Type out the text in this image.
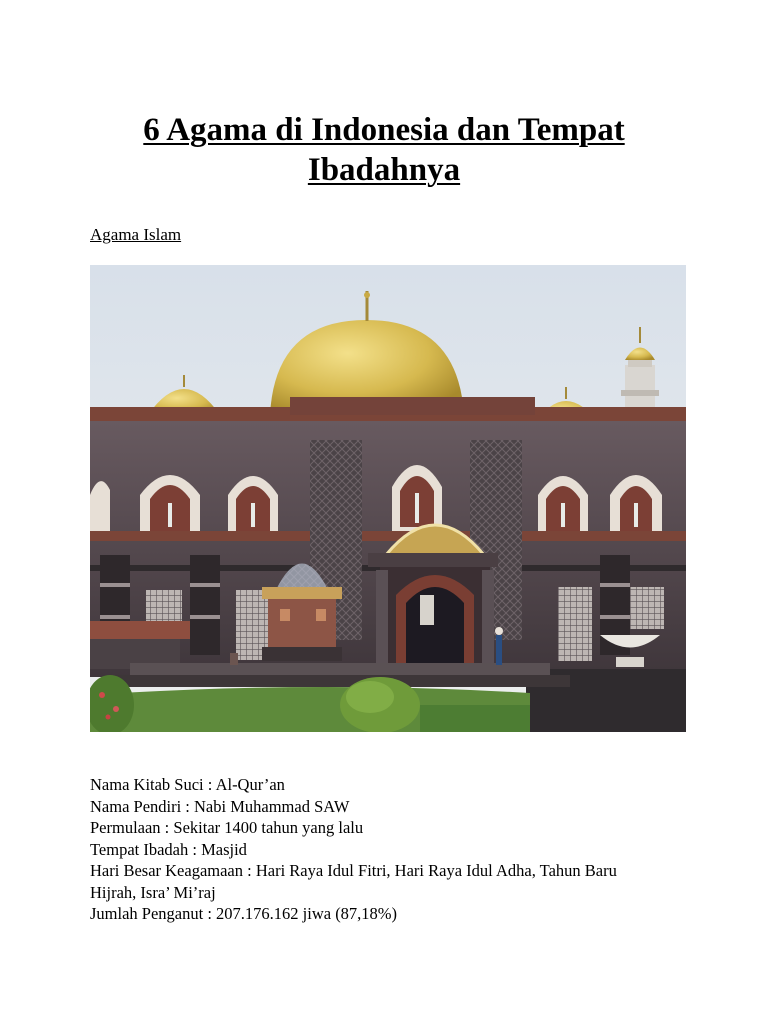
6 Agama di Indonesia dan Tempat
Ibadahnya

Agama Islam

Nama Kitab Suci : Al-Qur’an
Nama Pendiri : Nabi Muhammad SAW
Permulaan : Sekitar 1400 tahun yang lalu
Tempat Ibadah : Masjid
Hari Besar Keagamaan : Hari Raya Idul Fitri, Hari Raya Idul Adha, Tahun Baru
Hijrah, Isra’ Mi’raj
Jumlah Penganut : 207.176.162 jiwa (87,18%)
